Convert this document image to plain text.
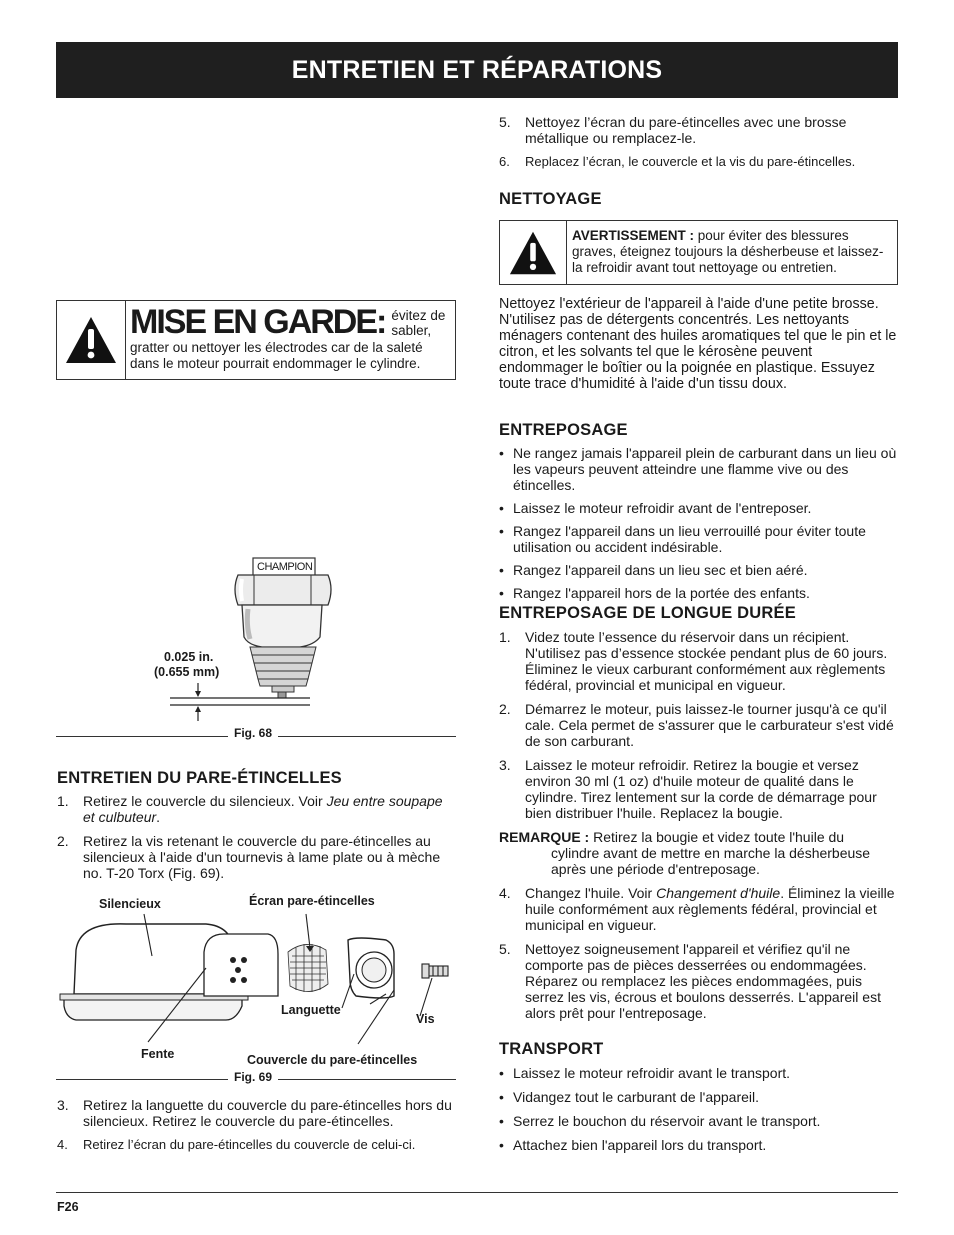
ENTRETIEN ET RÉPARATIONS
MISE EN GARDE: évitez de sabler,
gratter ou nettoyer les électrodes car de la saleté dans le moteur pourrait endommager le cylindre.
CHAMPION
0.025 in.
(0.655 mm)
Fig. 68
ENTRETIEN DU PARE-ÉTINCELLES
1. Retirez le couvercle du silencieux. Voir Jeu entre soupape et culbuteur.
2. Retirez la vis retenant le couvercle du pare-étincelles au silencieux à l'aide d'un tournevis à lame plate ou à mèche no. T-20 Torx (Fig. 69).
Silencieux	Écran pare-étincelles
Languette
Vis
Fente	Couvercle du pare-étincelles
Fig. 69
3. Retirez la languette du couvercle du pare-étincelles hors du silencieux. Retirez le couvercle du pare-étincelles.
4. Retirez l’écran du pare-étincelles du couvercle de celui-ci.
5. Nettoyez l’écran du pare-étincelles avec une brosse métallique ou remplacez-le.
6. Replacez l’écran, le couvercle et la vis du pare-étincelles.
NETTOYAGE
AVERTISSEMENT : pour éviter des blessures graves, éteignez toujours la désherbeuse et laissez-la refroidir avant tout nettoyage ou entretien.
Nettoyez l'extérieur de l'appareil à l'aide d'une petite brosse. N'utilisez pas de détergents concentrés. Les nettoyants ménagers contenant des huiles aromatiques tel que le pin et le citron, et les solvants tel que le kérosène peuvent endommager le boîtier ou la poignée en plastique. Essuyez toute trace d'humidité à l'aide d'un tissu doux.
ENTREPOSAGE
• Ne rangez jamais l'appareil plein de carburant dans un lieu où les vapeurs peuvent atteindre une flamme vive ou des étincelles.
• Laissez le moteur refroidir avant de l'entreposer.
• Rangez l'appareil dans un lieu verrouillé pour éviter toute utilisation ou accident indésirable.
• Rangez l'appareil dans un lieu sec et bien aéré.
• Rangez l'appareil hors de la portée des enfants.
ENTREPOSAGE DE LONGUE DURÉE
1. Videz toute l’essence du réservoir dans un récipient. N'utilisez pas d’essence stockée pendant plus de 60 jours. Éliminez le vieux carburant conformément aux règlements fédéral, provincial et municipal en vigueur.
2. Démarrez le moteur, puis laissez-le tourner jusqu'à ce qu'il cale. Cela permet de s'assurer que le carburateur s'est vidé de son carburant.
3. Laissez le moteur refroidir. Retirez la bougie et versez environ 30 ml (1 oz) d'huile moteur de qualité dans le cylindre. Tirez lentement sur la corde de démarrage pour bien distribuer l'huile. Replacez la bougie.
REMARQUE : Retirez la bougie et videz toute l'huile du
cylindre avant de mettre en marche la désherbeuse après une période d'entreposage.
4. Changez l'huile. Voir Changement d'huile. Éliminez la vieille huile conformément aux règlements fédéral, provincial et municipal en vigueur.
5. Nettoyez soigneusement l'appareil et vérifiez qu'il ne comporte pas de pièces desserrées ou endommagées. Réparez ou remplacez les pièces endommagées, puis serrez les vis, écrous et boulons desserrés. L'appareil est alors prêt pour l'entreposage.
TRANSPORT
• Laissez le moteur refroidir avant le transport.
• Vidangez tout le carburant de l'appareil.
• Serrez le bouchon du réservoir avant le transport.
• Attachez bien l'appareil lors du transport.
F26
